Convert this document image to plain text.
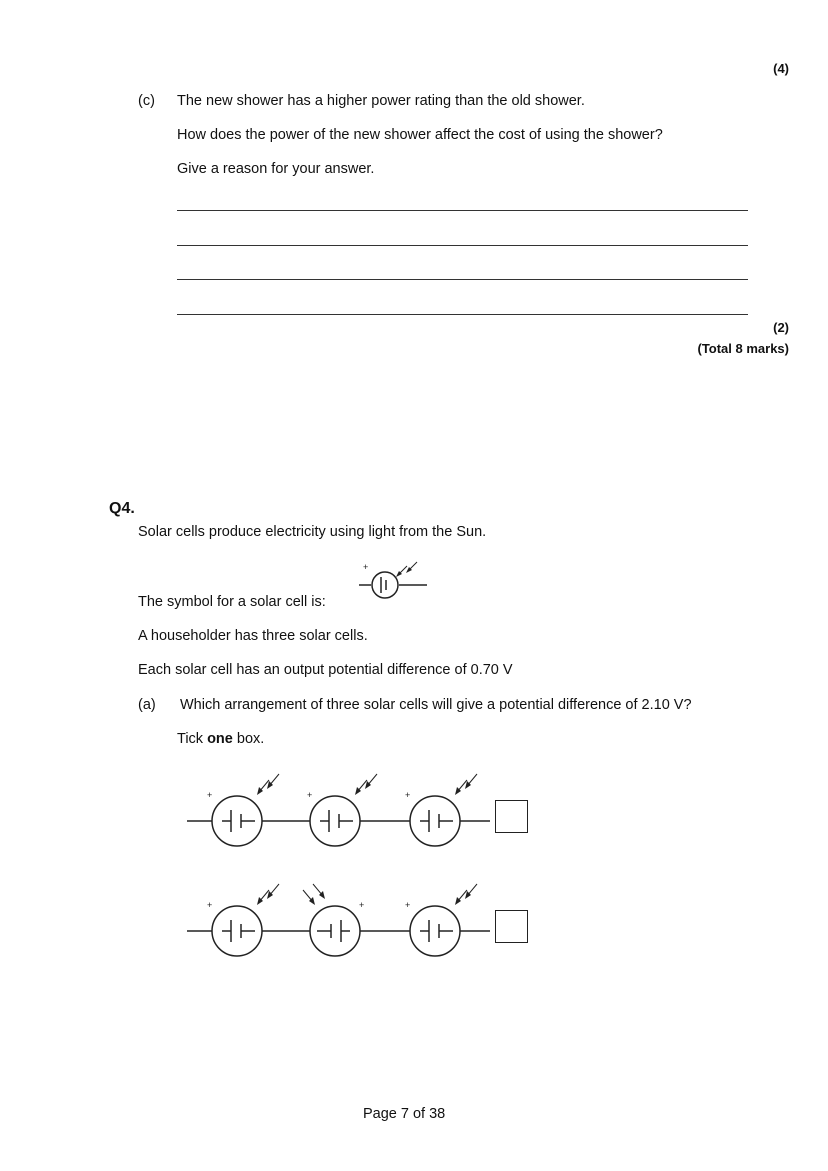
(4)
(c) The new shower has a higher power rating than the old shower.
How does the power of the new shower affect the cost of using the shower?
Give a reason for your answer.
(2)
(Total 8 marks)
Q4.
Solar cells produce electricity using light from the Sun.
The symbol for a solar cell is:
+
A householder has three solar cells.
Each solar cell has an output potential difference of 0.70 V
(a) Which arrangement of three solar cells will give a potential difference of 2.10 V?
Tick one box.
+	+	+
+	+	+
Page 7 of 38
